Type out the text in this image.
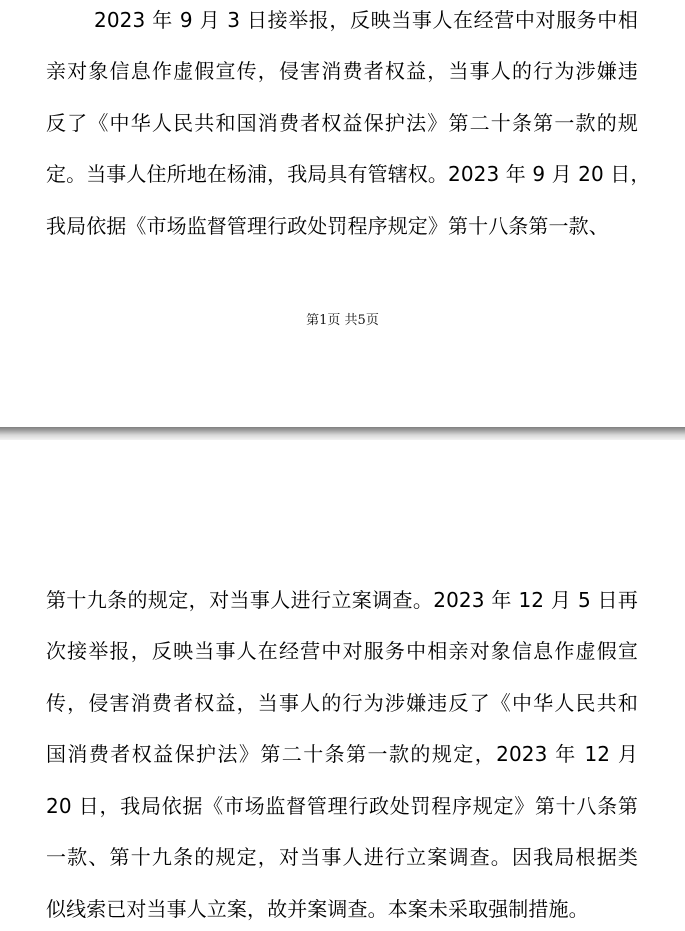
2023 年 9 月 3 日接举报，反映当事人在经营中对服务中相
亲对象信息作虚假宣传，侵害消费者权益，当事人的行为涉嫌违
反了《中华人民共和国消费者权益保护法》第二十条第一款的规
定。当事人住所地在杨浦，我局具有管辖权。2023 年 9 月 20 日，
我局依据《市场监督管理行政处罚程序规定》第十八条第一款、
第1页 共5页
第十九条的规定，对当事人进行立案调查。2023 年 12 月 5 日再
次接举报，反映当事人在经营中对服务中相亲对象信息作虚假宣
传，侵害消费者权益，当事人的行为涉嫌违反了《中华人民共和
国消费者权益保护法》第二十条第一款的规定，2023 年 12 月
20 日，我局依据《市场监督管理行政处罚程序规定》第十八条第
一款、第十九条的规定，对当事人进行立案调查。因我局根据类
似线索已对当事人立案，故并案调查。本案未采取强制措施。
